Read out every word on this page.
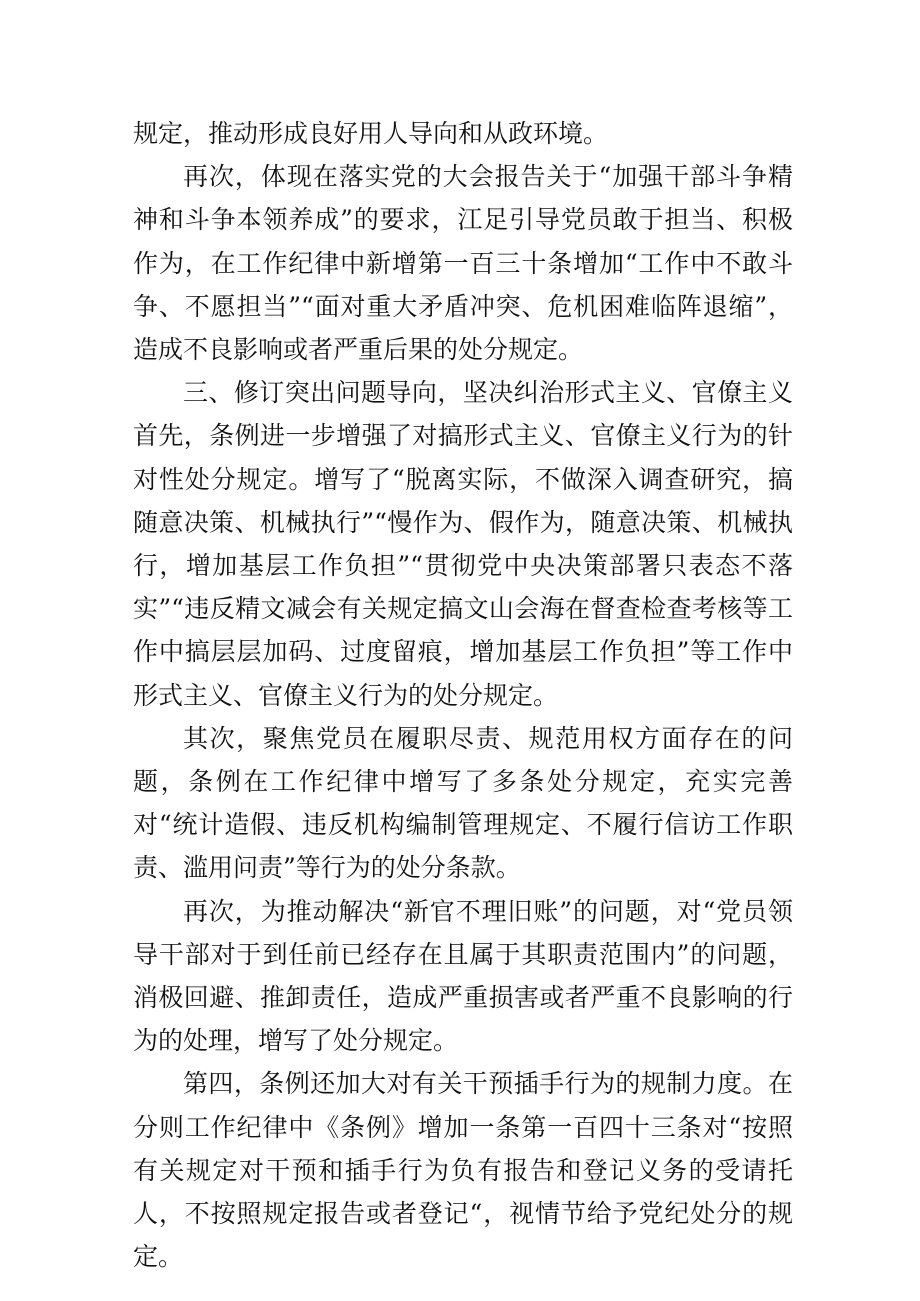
规定，推动形成良好用人导向和从政环境。

再次，体现在落实党的大会报告关于“加强干部斗争精神和斗争本领养成”的要求，江足引导党员敢于担当、积极作为，在工作纪律中新增第一百三十条增加“工作中不敢斗争、不愿担当”“面对重大矛盾冲突、危机困难临阵退缩”，造成不良影响或者严重后果的处分规定。

三、修订突出问题导向，坚决纠治形式主义、官僚主义首先，条例进一步增强了对搞形式主义、官僚主义行为的针对性处分规定。增写了“脱离实际，不做深入调查研究，搞随意决策、机械执行”“慢作为、假作为，随意决策、机械执行，增加基层工作负担”“贯彻党中央决策部署只表态不落实”“违反精文减会有关规定搞文山会海在督查检查考核等工作中搞层层加码、过度留痕，增加基层工作负担”等工作中形式主义、官僚主义行为的处分规定。

其次，聚焦党员在履职尽责、规范用权方面存在的问题，条例在工作纪律中增写了多条处分规定，充实完善对“统计造假、违反机构编制管理规定、不履行信访工作职责、滥用问责”等行为的处分条款。

再次，为推动解决“新官不理旧账”的问题，对“党员领导干部对于到任前已经存在且属于其职责范围内”的问题，消极回避、推卸责任，造成严重损害或者严重不良影响的行为的处理，增写了处分规定。

第四，条例还加大对有关干预插手行为的规制力度。在分则工作纪律中《条例》增加一条第一百四十三条对“按照有关规定对干预和插手行为负有报告和登记义务的受请托人，不按照规定报告或者登记“，视情节给予党纪处分的规定。
